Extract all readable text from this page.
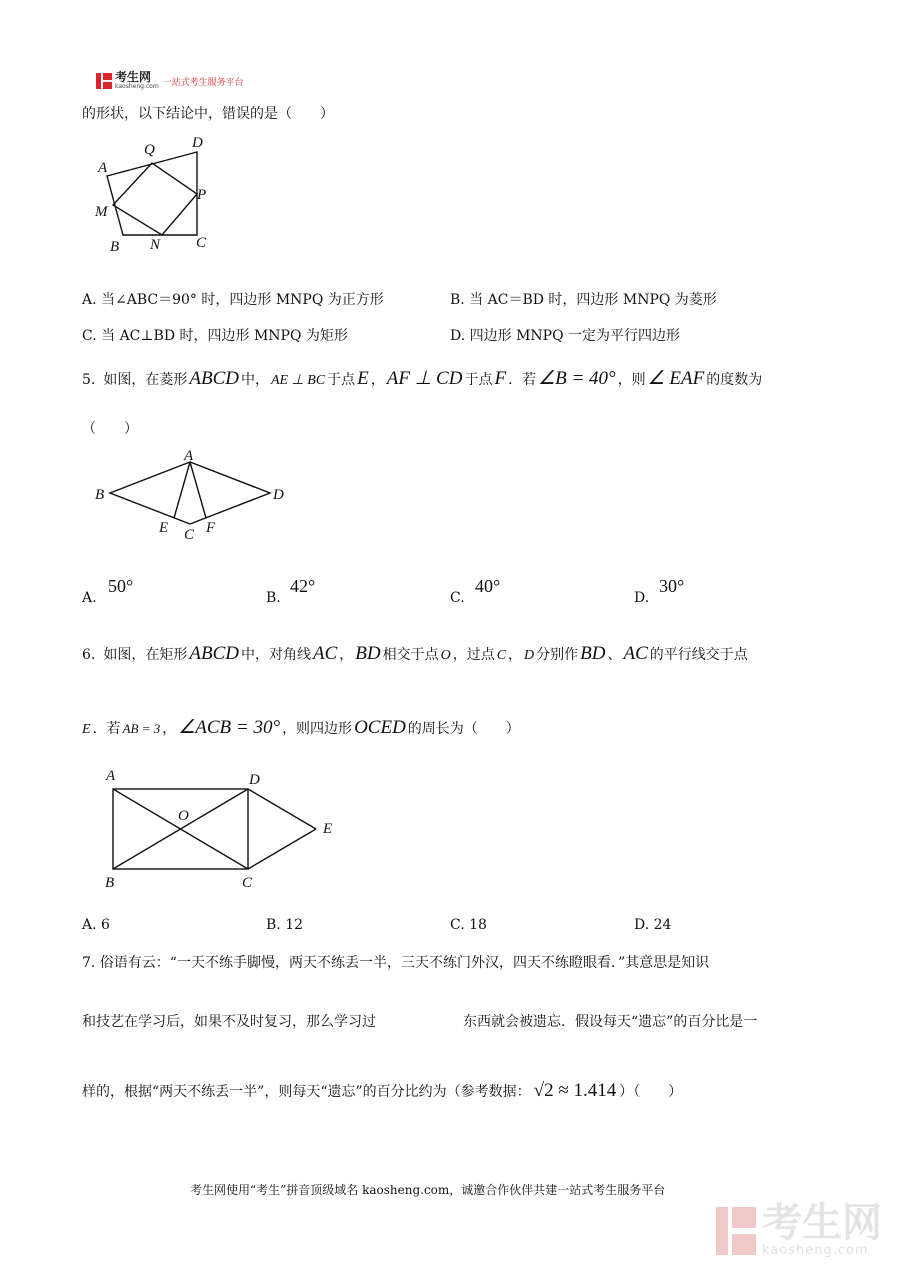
考生网
kaosheng.com 一站式考生服务平台
的形状，以下结论中，错误的是（　　）
A
Q D
M
P
B N C
A. 当∠ABC＝90° 时，四边形 MNPQ 为正方形	B. 当 AC＝BD 时，四边形 MNPQ 为菱形
C. 当 AC⊥BD 时，四边形 MNPQ 为矩形	D. 四边形 MNPQ 一定为平行四边形
5. 如图，在菱形 ABCD 中， AE ⊥ BC 于点 E ， AF ⊥ CD 于点 F ．若 ∠B = 40° ，则 ∠ EAF 的度数为
（　　）
A
B	D
E C F
A.
50°
B.
42°
C.
40°
D.
30°
6. 如图，在矩形 ABCD 中，对角线 AC ， BD 相交于点 O ，过点 C ， D 分别作 BD 、 AC 的平行线交于点
E ．若 AB = 3 ， ∠ACB = 30° ，则四边形 OCED 的周长为（　　）
A	D
O
E
B	C
A. 6	B. 12	C. 18	D. 24
7. 俗语有云：“一天不练手脚慢，两天不练丢一半，三天不练门外汉，四天不练瞪眼看．”其意思是知识
和技艺在学习后，如果不及时复习，那么学习过	东西就会被遗忘．假设每天“遗忘”的百分比是一
样的，根据“两天不练丢一半”，则每天“遗忘”的百分比约为（参考数据： √2 ≈ 1.414 ）（　　）
考生网使用“考生”拼音顶级域名 kaosheng.com，诚邀合作伙伴共建一站式考生服务平台
考生网
kaosheng.com
